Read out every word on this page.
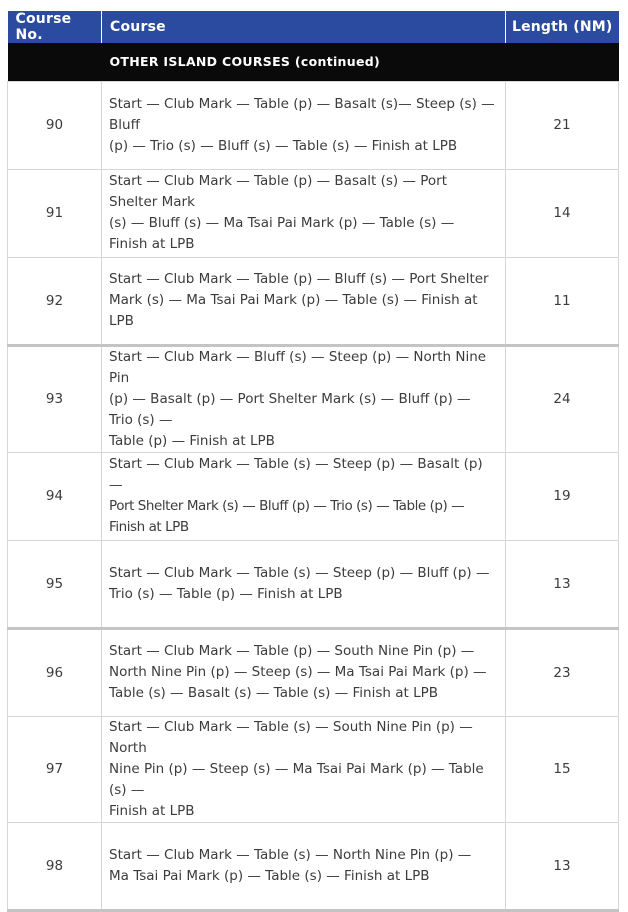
Course No.	Course	Length (NM)
	OTHER ISLAND COURSES (continued)	
90	Start — Club Mark — Table (p) — Basalt (s)— Steep (s) — Bluff
(p) — Trio (s) — Bluff (s) — Table (s) — Finish at LPB	21
91	Start — Club Mark — Table (p) — Basalt (s) — Port Shelter Mark
(s) — Bluff (s) — Ma Tsai Pai Mark (p) — Table (s) — Finish at LPB	14
92	Start — Club Mark — Table (p) — Bluff (s) — Port Shelter
Mark (s) — Ma Tsai Pai Mark (p) — Table (s) — Finish at LPB	11
93	Start — Club Mark — Bluff (s) — Steep (p) — North Nine Pin
(p) — Basalt (p) — Port Shelter Mark (s) — Bluff (p) — Trio (s) —
Table (p) — Finish at LPB	24
94	Start — Club Mark — Table (s) — Steep (p) — Basalt (p) —
Port Shelter Mark (s) — Bluff (p) — Trio (s) — Table (p) — Finish at LPB	19
95	Start — Club Mark — Table (s) — Steep (p) — Bluff (p) —
Trio (s) — Table (p) — Finish at LPB	13
96	Start — Club Mark — Table (p) — South Nine Pin (p) —
North Nine Pin (p) — Steep (s) — Ma Tsai Pai Mark (p) —
Table (s) — Basalt (s) — Table (s) — Finish at LPB	23
97	Start — Club Mark — Table (s) — South Nine Pin (p) — North
Nine Pin (p) — Steep (s) — Ma Tsai Pai Mark (p) — Table (s) —
Finish at LPB	15
98	Start — Club Mark — Table (s) — North Nine Pin (p) —
Ma Tsai Pai Mark (p) — Table (s) — Finish at LPB	13
